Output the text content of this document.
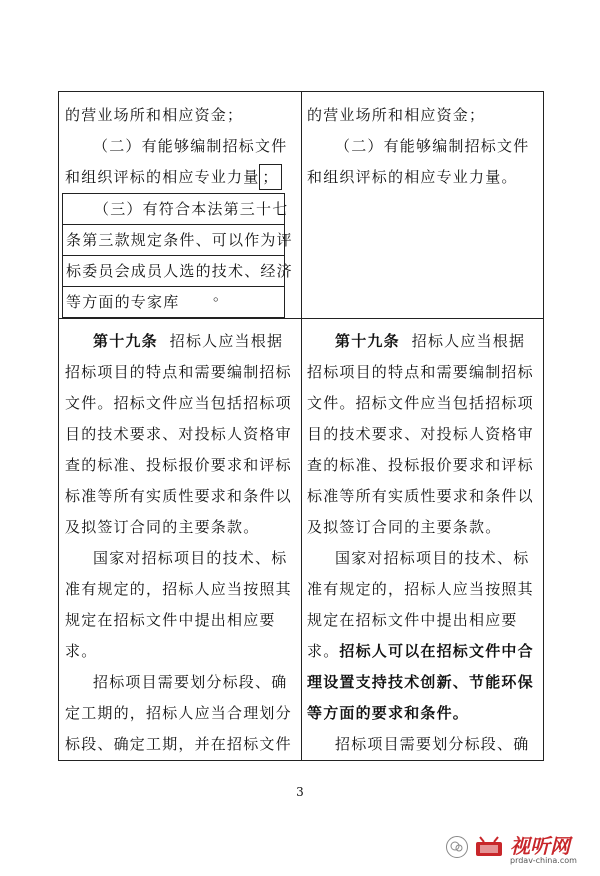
的营业场所和相应资金；
（二）有能够编制招标文件
和组织评标的相应专业力量 ；
（三）有符合本法第三十七
条第三款规定条件、可以作为评
标委员会成员人选的技术、经济
等方面的专家库	。
的营业场所和相应资金；
（二）有能够编制招标文件
和组织评标的相应专业力量。
第十九条 招标人应当根据
招标项目的特点和需要编制招标
文件。招标文件应当包括招标项
目的技术要求、对投标人资格审
查的标准、投标报价要求和评标
标准等所有实质性要求和条件以
及拟签订合同的主要条款。
国家对招标项目的技术、标
准有规定的，招标人应当按照其
规定在招标文件中提出相应要
求。
招标项目需要划分标段、确
定工期的，招标人应当合理划分
标段、确定工期，并在招标文件
第十九条 招标人应当根据
招标项目的特点和需要编制招标
文件。招标文件应当包括招标项
目的技术要求、对投标人资格审
查的标准、投标报价要求和评标
标准等所有实质性要求和条件以
及拟签订合同的主要条款。
国家对招标项目的技术、标
准有规定的，招标人应当按照其
规定在招标文件中提出相应要
求。招标人可以在招标文件中合
理设置支持技术创新、节能环保
等方面的要求和条件。
招标项目需要划分标段、确
3
视听网
prdav-china.com
